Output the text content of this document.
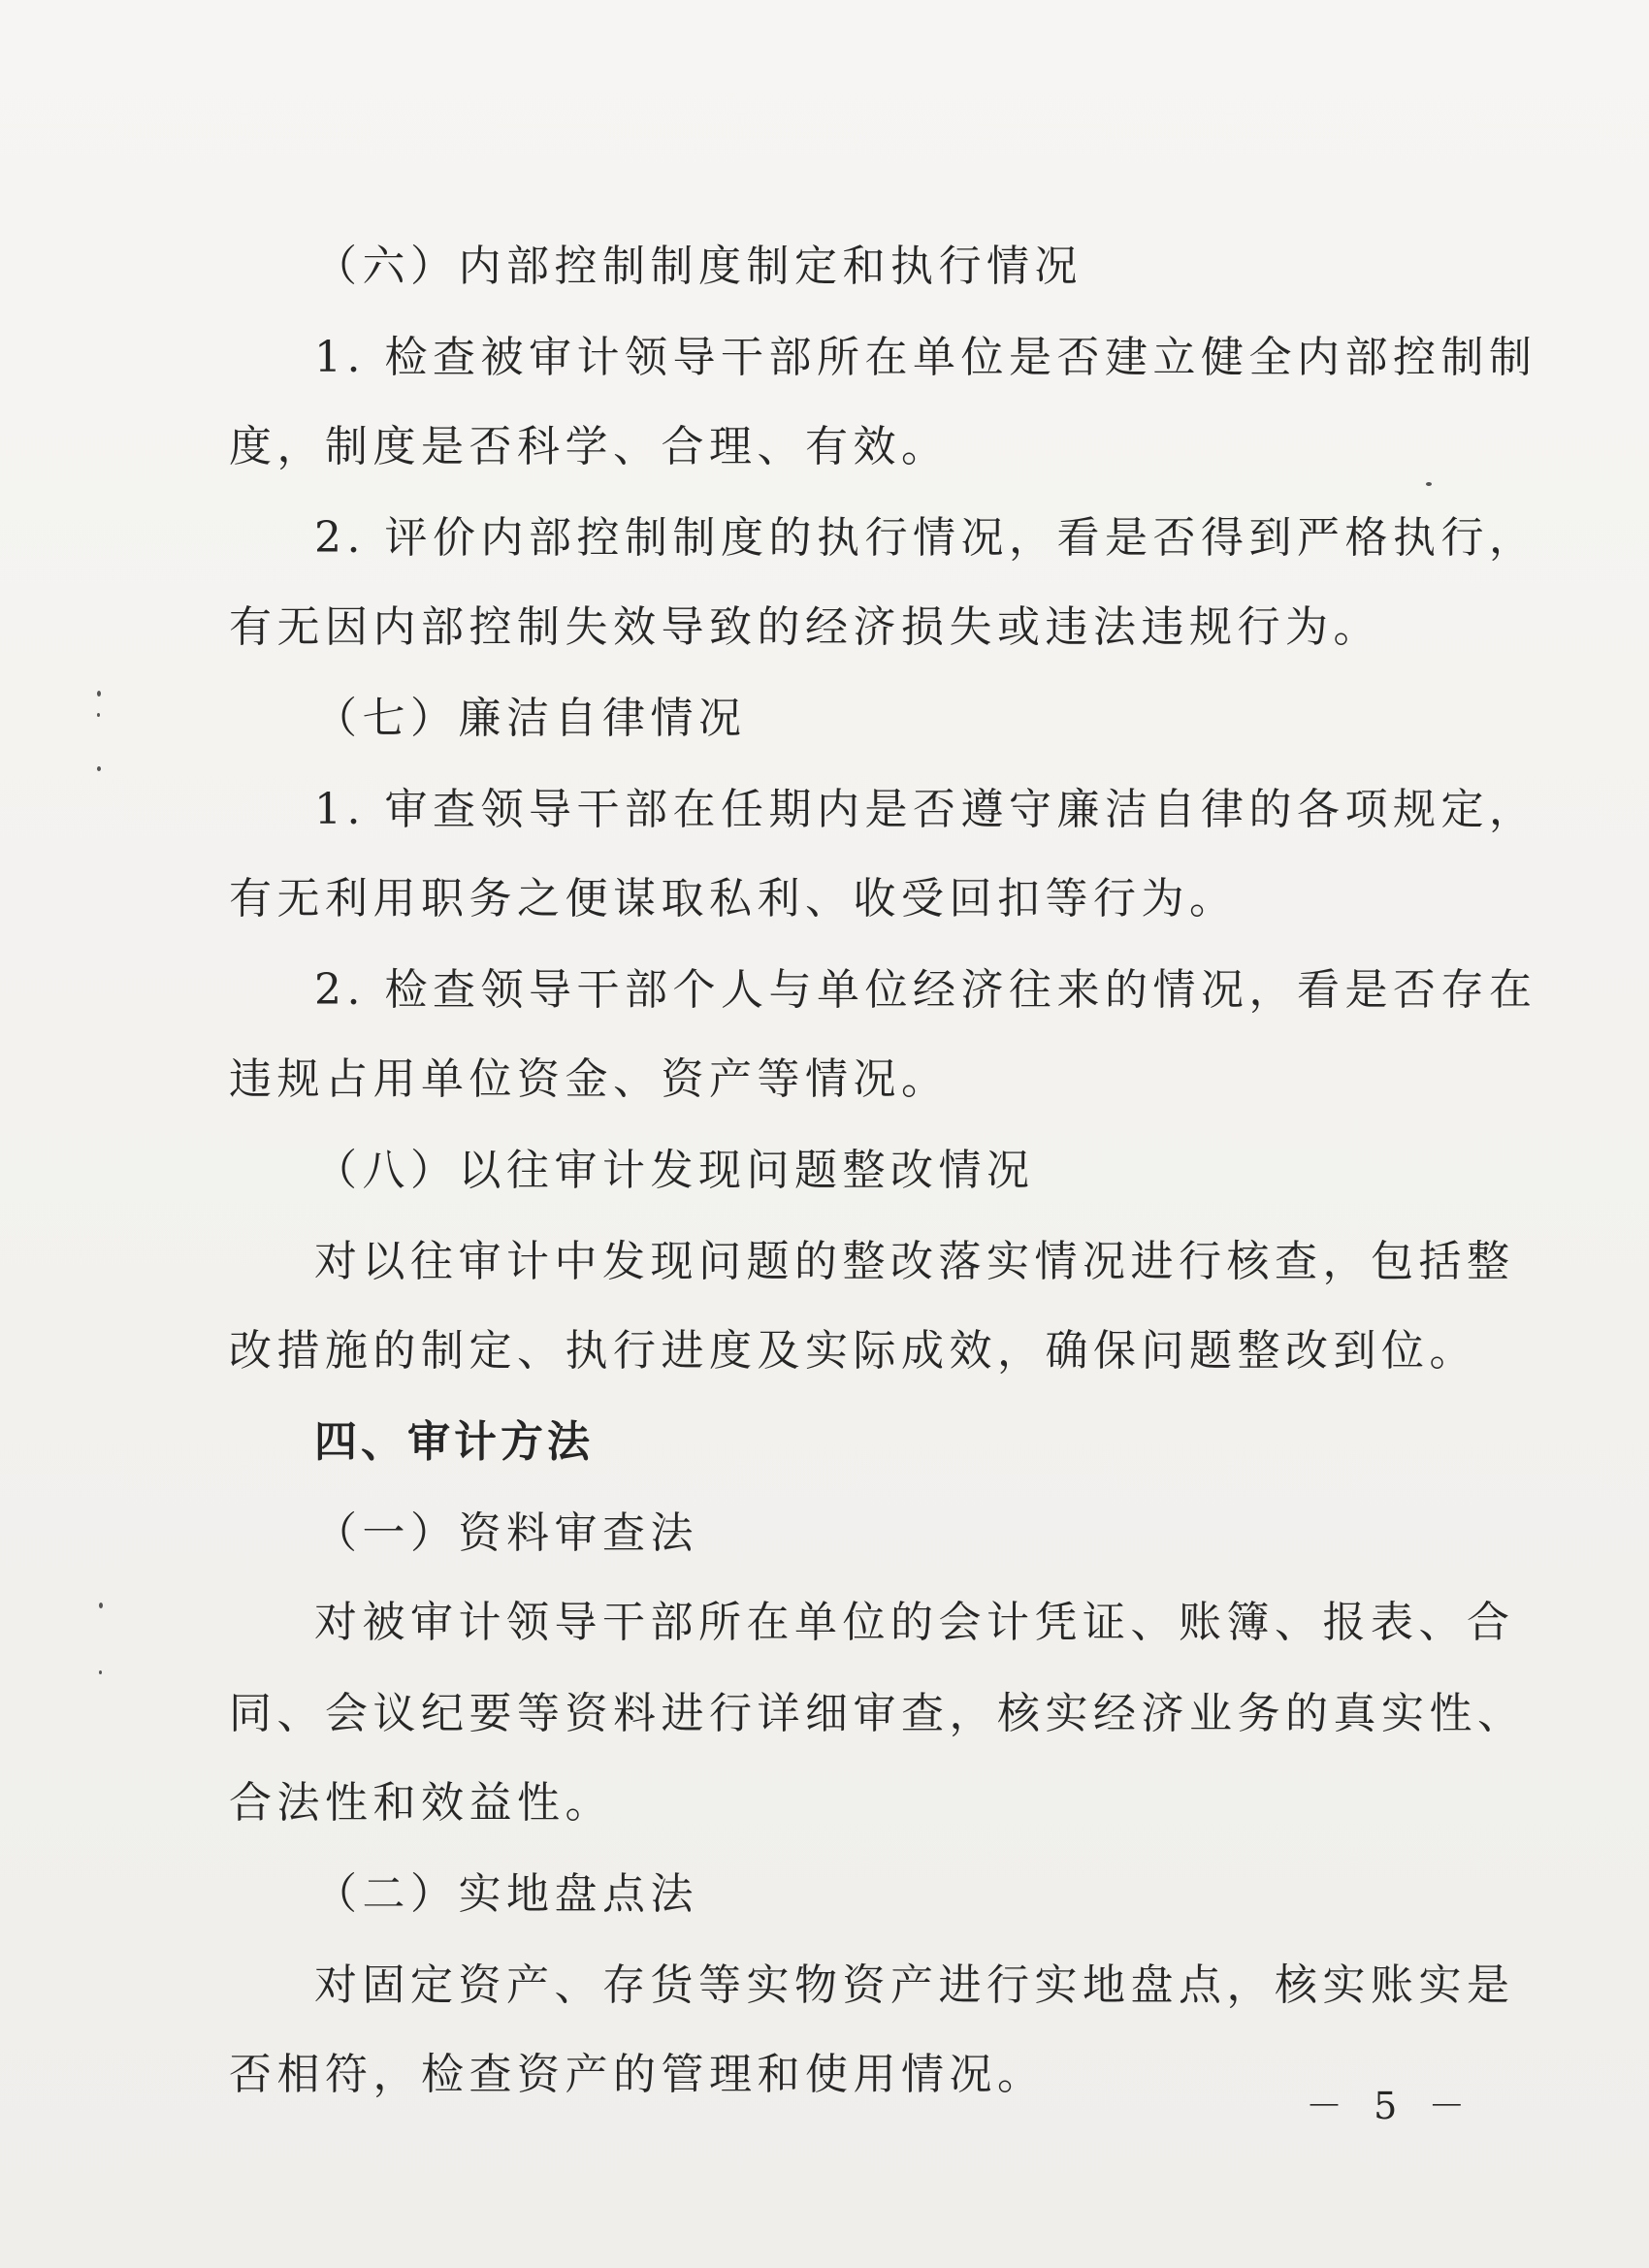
（六）内部控制制度制定和执行情况
1. 检查被审计领导干部所在单位是否建立健全内部控制制
度，制度是否科学、合理、有效。
2. 评价内部控制制度的执行情况，看是否得到严格执行，
有无因内部控制失效导致的经济损失或违法违规行为。
（七）廉洁自律情况
1. 审查领导干部在任期内是否遵守廉洁自律的各项规定，
有无利用职务之便谋取私利、收受回扣等行为。
2. 检查领导干部个人与单位经济往来的情况，看是否存在
违规占用单位资金、资产等情况。
（八）以往审计发现问题整改情况
对以往审计中发现问题的整改落实情况进行核查，包括整
改措施的制定、执行进度及实际成效，确保问题整改到位。
四、审计方法
（一）资料审查法
对被审计领导干部所在单位的会计凭证、账簿、报表、合
同、会议纪要等资料进行详细审查，核实经济业务的真实性、
合法性和效益性。
（二）实地盘点法
对固定资产、存货等实物资产进行实地盘点，核实账实是
否相符，检查资产的管理和使用情况。
－ 5 －
